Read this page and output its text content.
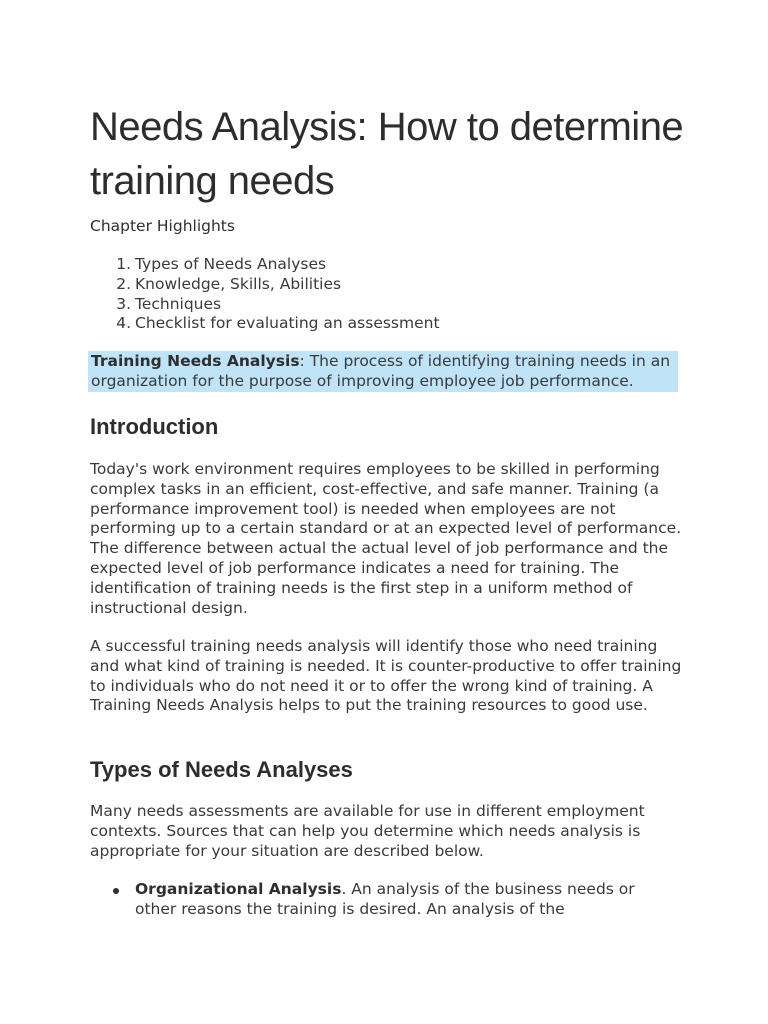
Needs Analysis: How to determine training needs
Chapter Highlights
1. Types of Needs Analyses
2. Knowledge, Skills, Abilities
3. Techniques
4. Checklist for evaluating an assessment
Training Needs Analysis: The process of identifying training needs in an organization for the purpose of improving employee job performance.
Introduction

Today's work environment requires employees to be skilled in performing complex tasks in an efficient, cost-effective, and safe manner. Training (a performance improvement tool) is needed when employees are not performing up to a certain standard or at an expected level of performance. The difference between actual the actual level of job performance and the expected level of job performance indicates a need for training. The identification of training needs is the first step in a uniform method of instructional design.

A successful training needs analysis will identify those who need training and what kind of training is needed. It is counter-productive to offer training to individuals who do not need it or to offer the wrong kind of training. A Training Needs Analysis helps to put the training resources to good use.

Types of Needs Analyses

Many needs assessments are available for use in different employment contexts. Sources that can help you determine which needs analysis is appropriate for your situation are described below.

Organizational Analysis. An analysis of the business needs or other reasons the training is desired. An analysis of the
